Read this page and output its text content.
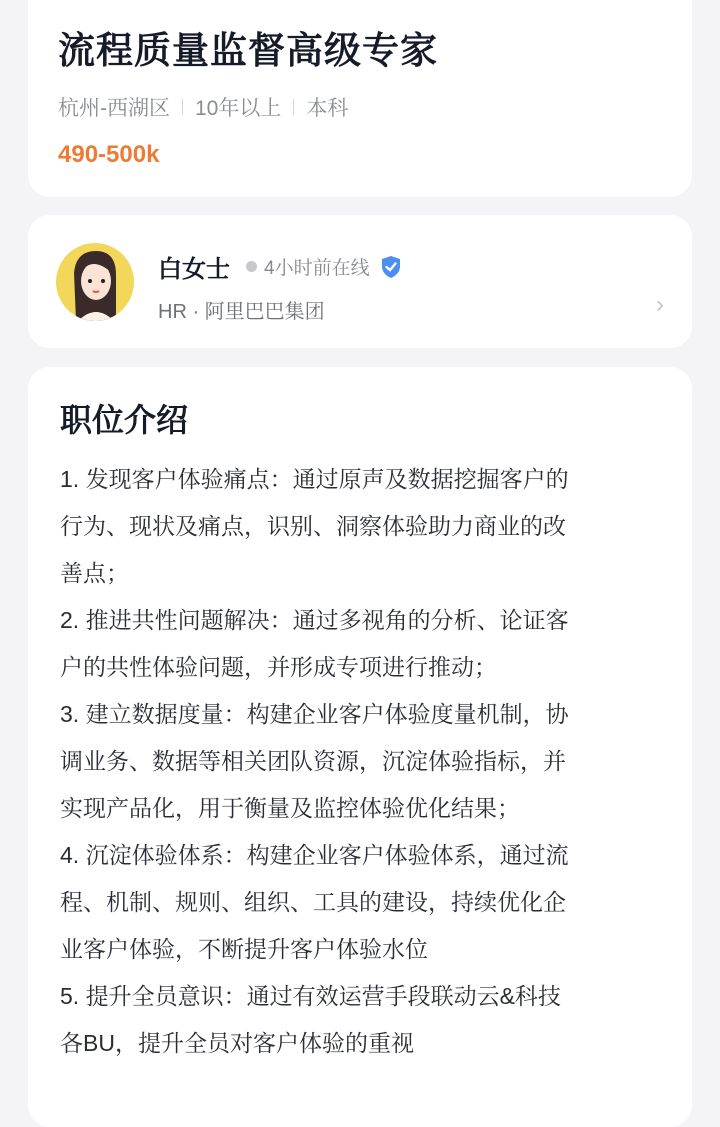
流程质量监督高级专家
杭州-西湖区 10年以上 本科
490-500k
白女士 4小时前在线
HR · 阿里巴巴集团	›
职位介绍
1. 发现客户体验痛点：通过原声及数据挖掘客户的
行为、现状及痛点，识别、洞察体验助力商业的改
善点；
2. 推进共性问题解决：通过多视角的分析、论证客
户的共性体验问题，并形成专项进行推动；
3. 建立数据度量：构建企业客户体验度量机制，协
调业务、数据等相关团队资源，沉淀体验指标，并
实现产品化，用于衡量及监控体验优化结果；
4. 沉淀体验体系：构建企业客户体验体系，通过流
程、机制、规则、组织、工具的建设，持续优化企
业客户体验，不断提升客户体验水位
5. 提升全员意识：通过有效运营手段联动云&科技
各BU，提升全员对客户体验的重视
